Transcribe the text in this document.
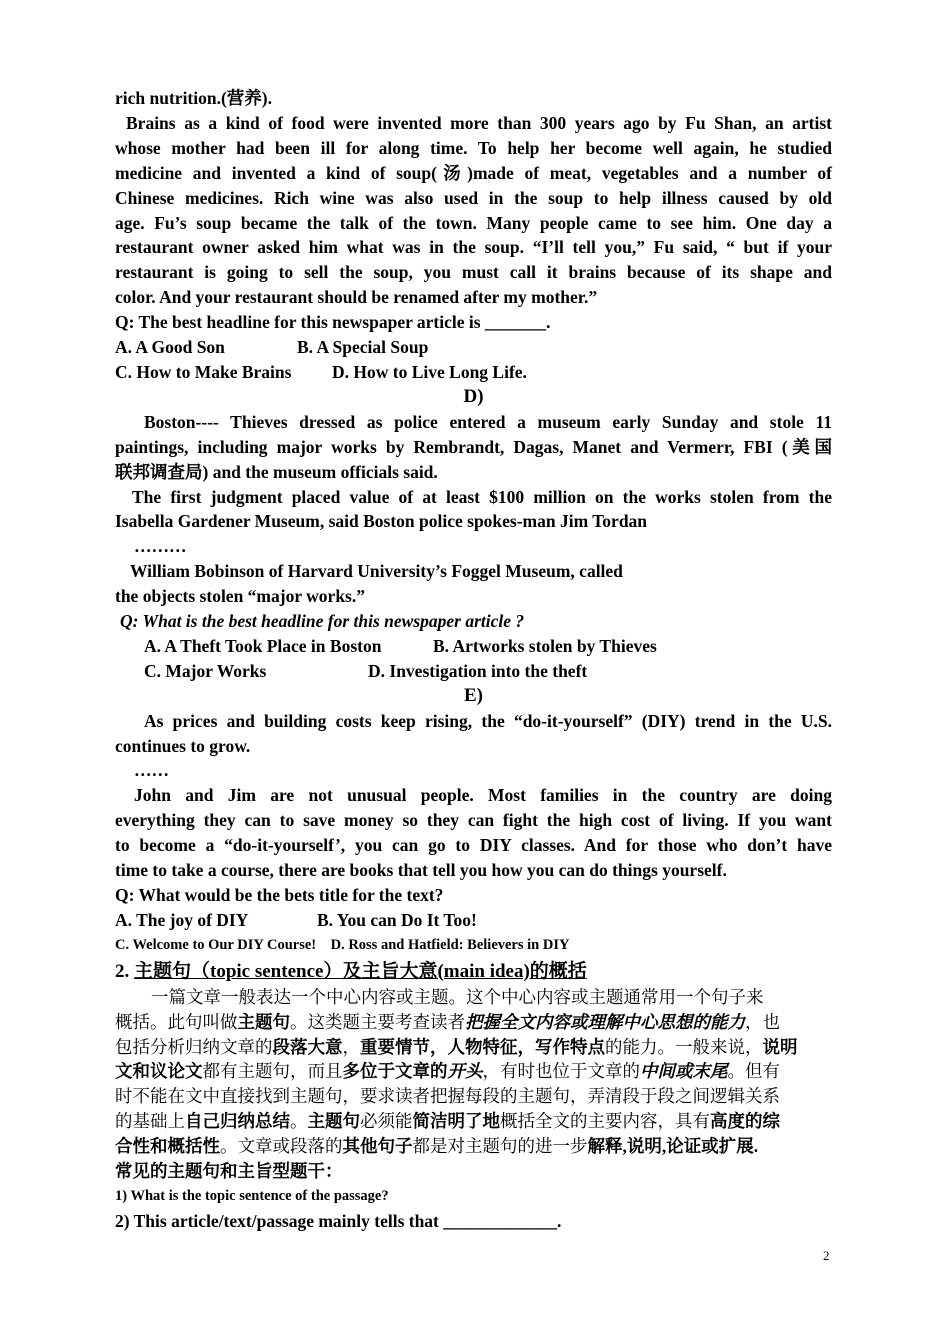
rich nutrition.(营养).
Brains as a kind of food were invented more than 300 years ago by Fu Shan, an artist
whose mother had been ill for along time. To help her become well again, he studied
medicine and invented a kind of soup(汤)made of meat, vegetables and a number of
Chinese medicines. Rich wine was also used in the soup to help illness caused by old
age. Fu’s soup became the talk of the town. Many people came to see him. One day a
restaurant owner asked him what was in the soup. “I’ll tell you,” Fu said, “ but if your
restaurant is going to sell the soup, you must call it brains because of its shape and
color. And your restaurant should be renamed after my mother.”
Q: The best headline for this newspaper article is _______.
A. A Good Son	B. A Special Soup
C. How to Make Brains D. How to Live Long Life.
D)
Boston---- Thieves dressed as police entered a museum early Sunday and stole 11
paintings, including major works by Rembrandt, Dagas, Manet and Vermerr, FBI (美国
联邦调查局) and the museum officials said.
The first judgment placed value of at least $100 million on the works stolen from the
Isabella Gardener Museum, said Boston police spokes-man Jim Tordan
………
William Bobinson of Harvard University’s Foggel Museum, called
the objects stolen “major works.”
Q: What is the best headline for this newspaper article ?
A. A Theft Took Place in Boston	B. Artworks stolen by Thieves
C. Major Works	D. Investigation into the theft
E)
As prices and building costs keep rising, the “do-it-yourself” (DIY) trend in the U.S.
continues to grow.
……
John and Jim are not unusual people. Most families in the country are doing
everything they can to save money so they can fight the high cost of living. If you want
to become a “do-it-yourself’, you can go to DIY classes. And for those who don’t have
time to take a course, there are books that tell you how you can do things yourself.
Q: What would be the bets title for the text?
A. The joy of DIY	B. You can Do It Too!
C. Welcome to Our DIY Course!    D. Ross and Hatfield: Believers in DIY
2. 主题句（topic sentence）及主旨大意(main idea)的概括
一篇文章一般表达一个中心内容或主题。这个中心内容或主题通常用一个句子来
概括。此句叫做主题句。这类题主要考查读者把握全文内容或理解中心思想的能力，也
包括分析归纳文章的段落大意，重要情节，人物特征，写作特点的能力。一般来说，说明
文和议论文都有主题句，而且多位于文章的开头，有时也位于文章的中间或末尾。但有
时不能在文中直接找到主题句，要求读者把握每段的主题句，弄清段于段之间逻辑关系
的基础上自己归纳总结。主题句必须能简洁明了地概括全文的主要内容，具有高度的综
合性和概括性。文章或段落的其他句子都是对主题句的进一步解释,说明,论证或扩展.
常见的主题句和主旨型题干：
1) What is the topic sentence of the passage?
2) This article/text/passage mainly tells that _____________.
2
